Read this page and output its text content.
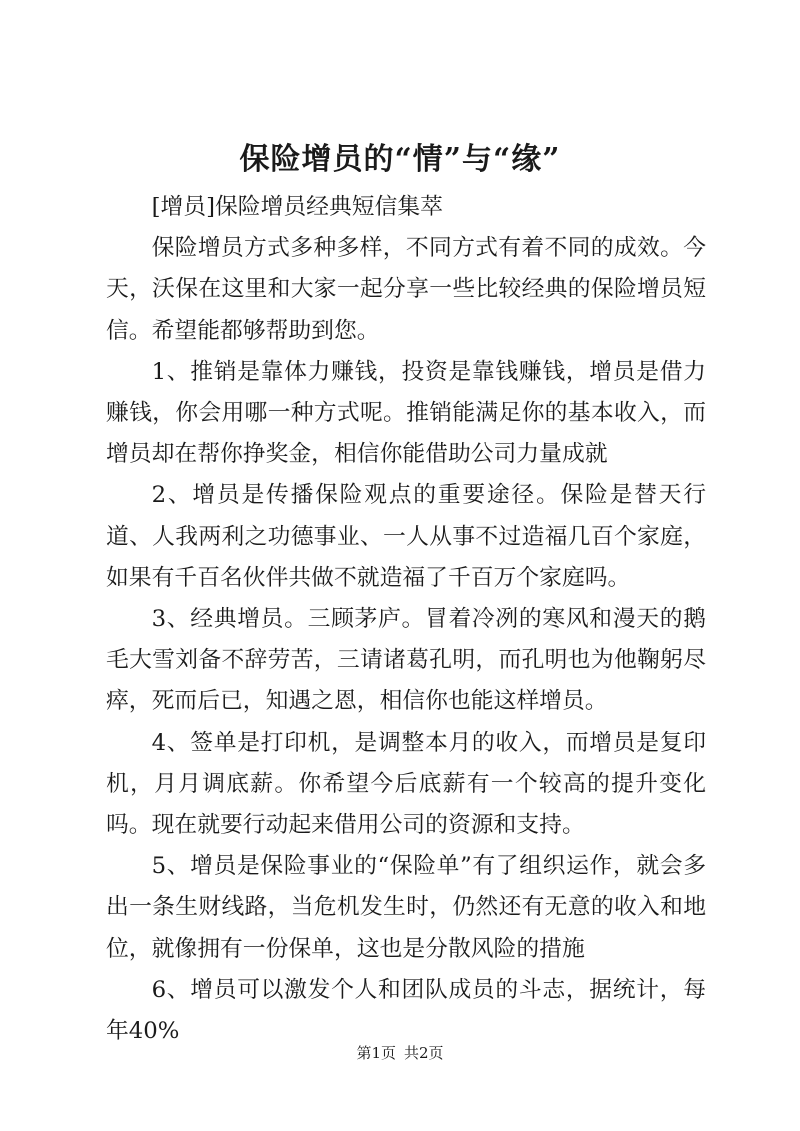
保险增员的“情”与“缘”

[增员]保险增员经典短信集萃

保险增员方式多种多样，不同方式有着不同的成效。今天，沃保在这里和大家一起分享一些比较经典的保险增员短信。希望能都够帮助到您。

1、推销是靠体力赚钱，投资是靠钱赚钱，增员是借力赚钱，你会用哪一种方式呢。推销能满足你的基本收入，而增员却在帮你挣奖金，相信你能借助公司力量成就

2、增员是传播保险观点的重要途径。保险是替天行道、人我两利之功德事业、一人从事不过造福几百个家庭，如果有千百名伙伴共做不就造福了千百万个家庭吗。

3、经典增员。三顾茅庐。冒着冷冽的寒风和漫天的鹅毛大雪刘备不辞劳苦，三请诸葛孔明，而孔明也为他鞠躬尽瘁，死而后已，知遇之恩，相信你也能这样增员。

4、签单是打印机，是调整本月的收入，而增员是复印机，月月调底薪。你希望今后底薪有一个较高的提升变化吗。现在就要行动起来借用公司的资源和支持。

5、增员是保险事业的“保险单”有了组织运作，就会多出一条生财线路，当危机发生时，仍然还有无意的收入和地位，就像拥有一份保单，这也是分散风险的措施

6、增员可以激发个人和团队成员的斗志，据统计，每年40%

第1页 共2页
